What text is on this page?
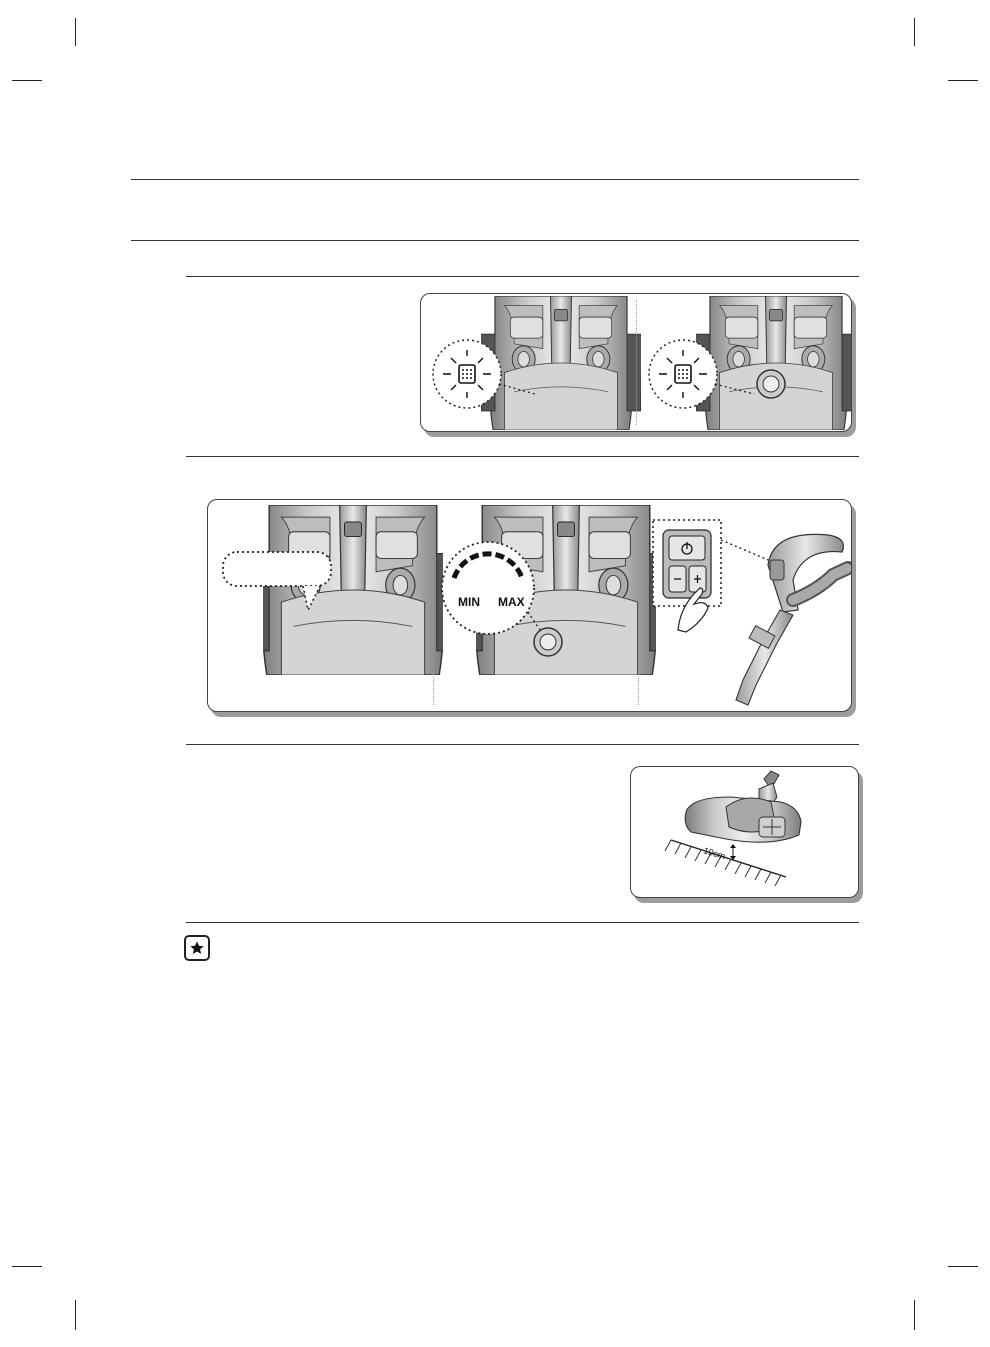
MIN MAX
10cm
